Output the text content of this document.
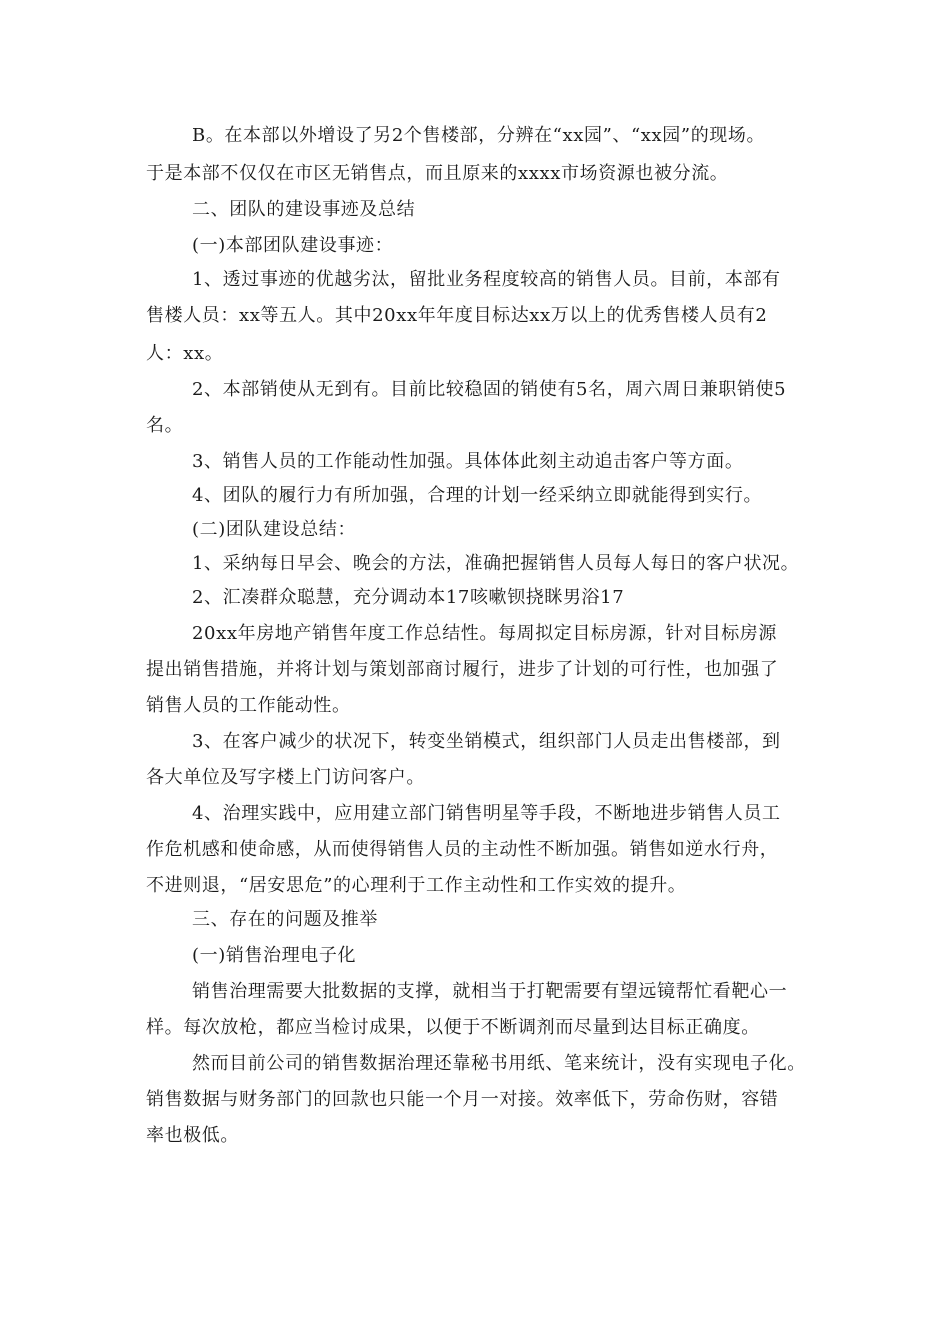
B。在本部以外增设了另2个售楼部，分辨在“xx园”、“xx园”的现场。
于是本部不仅仅在市区无销售点，而且原来的xxxx市场资源也被分流。
二、团队的建设事迹及总结
(一)本部团队建设事迹：
1、透过事迹的优越劣汰，留批业务程度较高的销售人员。目前，本部有
售楼人员：xx等五人。其中20xx年年度目标达xx万以上的优秀售楼人员有2
人：xx。
2、本部销使从无到有。目前比较稳固的销使有5名，周六周日兼职销使5
名。
3、销售人员的工作能动性加强。具体体此刻主动追击客户等方面。
4、团队的履行力有所加强，合理的计划一经采纳立即就能得到实行。
(二)团队建设总结：
1、采纳每日早会、晚会的方法，准确把握销售人员每人每日的客户状况。
2、汇凑群众聪慧，充分调动本17咳嗽钡挠眯男浴17
20xx年房地产销售年度工作总结性。每周拟定目标房源，针对目标房源
提出销售措施，并将计划与策划部商讨履行，进步了计划的可行性，也加强了
销售人员的工作能动性。
3、在客户减少的状况下，转变坐销模式，组织部门人员走出售楼部，到
各大单位及写字楼上门访问客户。
4、治理实践中，应用建立部门销售明星等手段，不断地进步销售人员工
作危机感和使命感，从而使得销售人员的主动性不断加强。销售如逆水行舟，
不进则退，“居安思危”的心理利于工作主动性和工作实效的提升。
三、存在的问题及推举
(一)销售治理电子化
销售治理需要大批数据的支撑，就相当于打靶需要有望远镜帮忙看靶心一
样。每次放枪，都应当检讨成果，以便于不断调剂而尽量到达目标正确度。
然而目前公司的销售数据治理还靠秘书用纸、笔来统计，没有实现电子化。
销售数据与财务部门的回款也只能一个月一对接。效率低下，劳命伤财，容错
率也极低。
